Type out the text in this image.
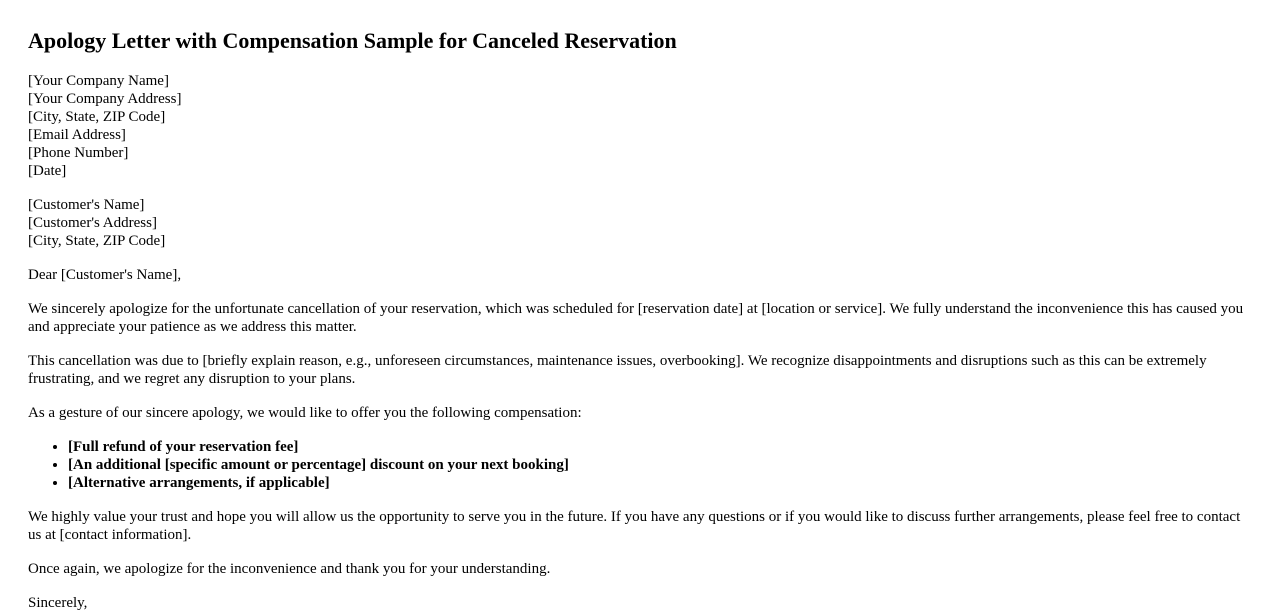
Apology Letter with Compensation Sample for Canceled Reservation
[Your Company Name]
[Your Company Address]
[City, State, ZIP Code]
[Email Address]
[Phone Number]
[Date]
[Customer's Name]
[Customer's Address]
[City, State, ZIP Code]

Dear [Customer's Name],

We sincerely apologize for the unfortunate cancellation of your reservation, which was scheduled for [reservation date] at [location or service]. We fully understand the inconvenience this has caused you and appreciate your patience as we address this matter.

This cancellation was due to [briefly explain reason, e.g., unforeseen circumstances, maintenance issues, overbooking]. We recognize disappointments and disruptions such as this can be extremely frustrating, and we regret any disruption to your plans.

As a gesture of our sincere apology, we would like to offer you the following compensation:

• [Full refund of your reservation fee]
• [An additional [specific amount or percentage] discount on your next booking]
• [Alternative arrangements, if applicable]

We highly value your trust and hope you will allow us the opportunity to serve you in the future. If you have any questions or if you would like to discuss further arrangements, please feel free to contact us at [contact information].

Once again, we apologize for the inconvenience and thank you for your understanding.

Sincerely,
